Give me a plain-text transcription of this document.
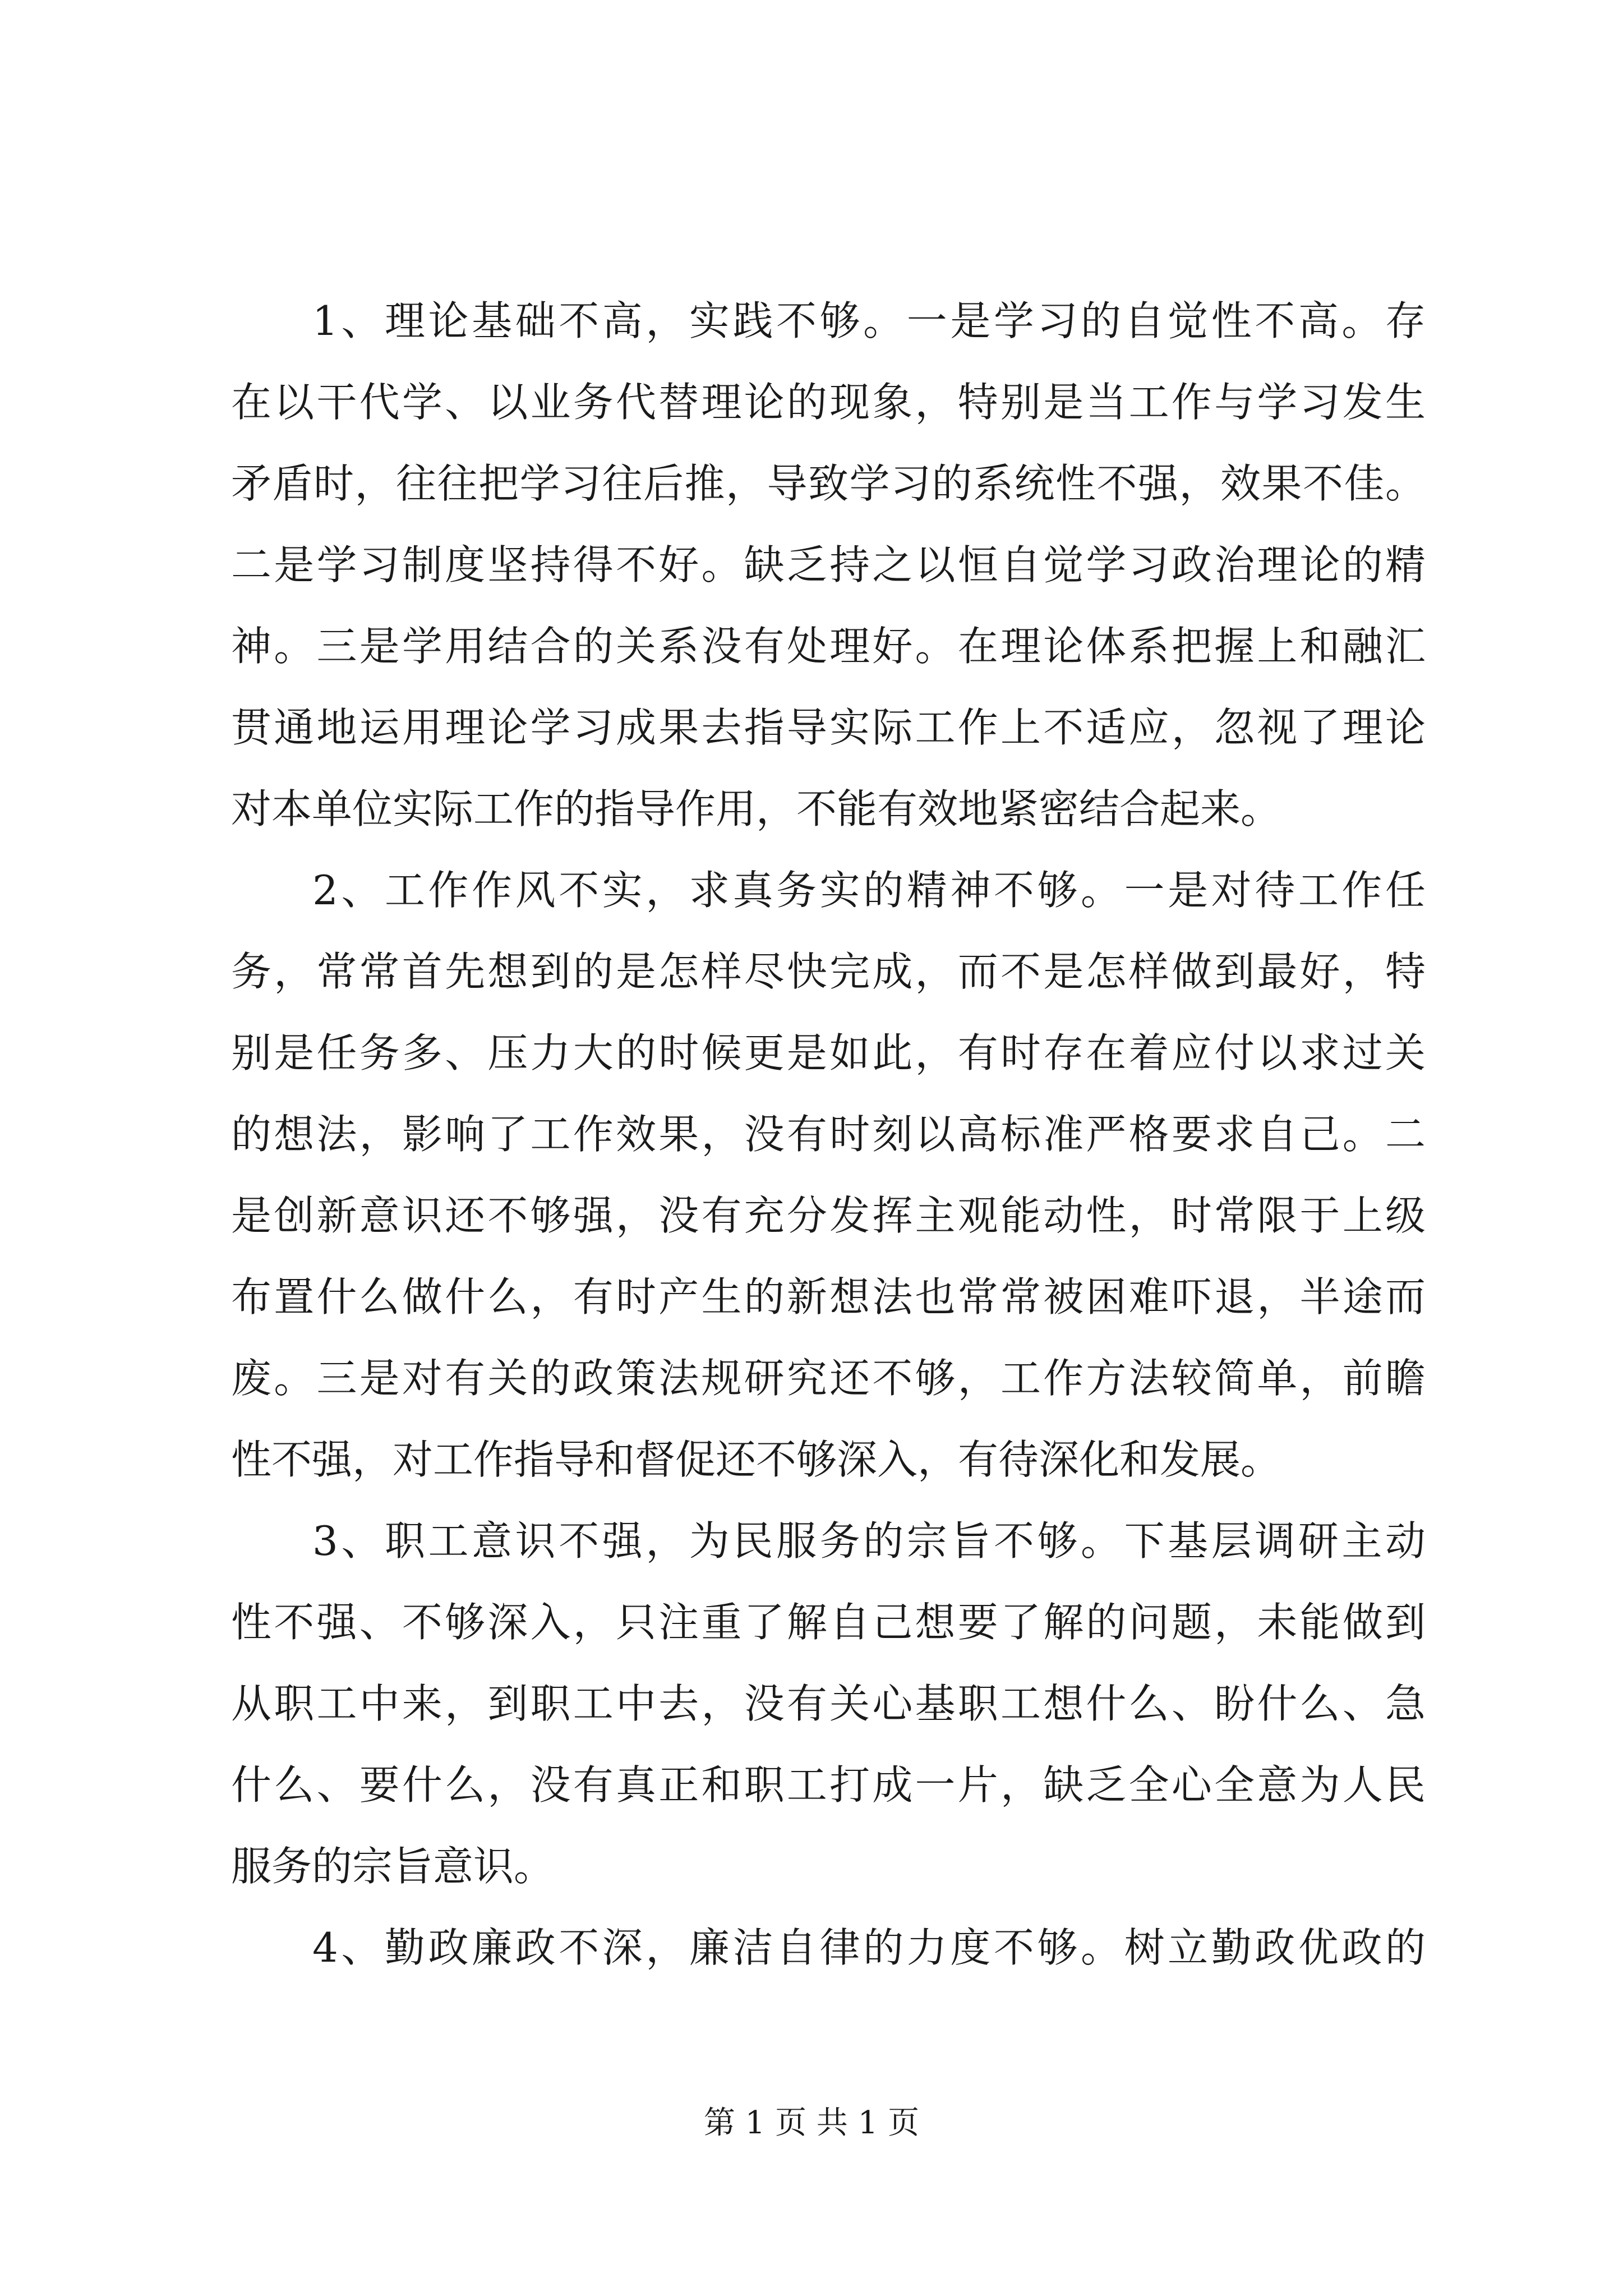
1、理论基础不高，实践不够。一是学习的自觉性不高。存
在以干代学、以业务代替理论的现象，特别是当工作与学习发生
矛盾时，往往把学习往后推，导致学习的系统性不强，效果不佳。
二是学习制度坚持得不好。缺乏持之以恒自觉学习政治理论的精
神。三是学用结合的关系没有处理好。在理论体系把握上和融汇
贯通地运用理论学习成果去指导实际工作上不适应，忽视了理论
对本单位实际工作的指导作用，不能有效地紧密结合起来。
2、工作作风不实，求真务实的精神不够。一是对待工作任
务，常常首先想到的是怎样尽快完成，而不是怎样做到最好，特
别是任务多、压力大的时候更是如此，有时存在着应付以求过关
的想法，影响了工作效果，没有时刻以高标准严格要求自己。二
是创新意识还不够强，没有充分发挥主观能动性，时常限于上级
布置什么做什么，有时产生的新想法也常常被困难吓退，半途而
废。三是对有关的政策法规研究还不够，工作方法较简单，前瞻
性不强，对工作指导和督促还不够深入，有待深化和发展。
3、职工意识不强，为民服务的宗旨不够。下基层调研主动
性不强、不够深入，只注重了解自己想要了解的问题，未能做到
从职工中来，到职工中去，没有关心基职工想什么、盼什么、急
什么、要什么，没有真正和职工打成一片，缺乏全心全意为人民
服务的宗旨意识。
4、勤政廉政不深，廉洁自律的力度不够。树立勤政优政的
第 1 页 共 1 页
